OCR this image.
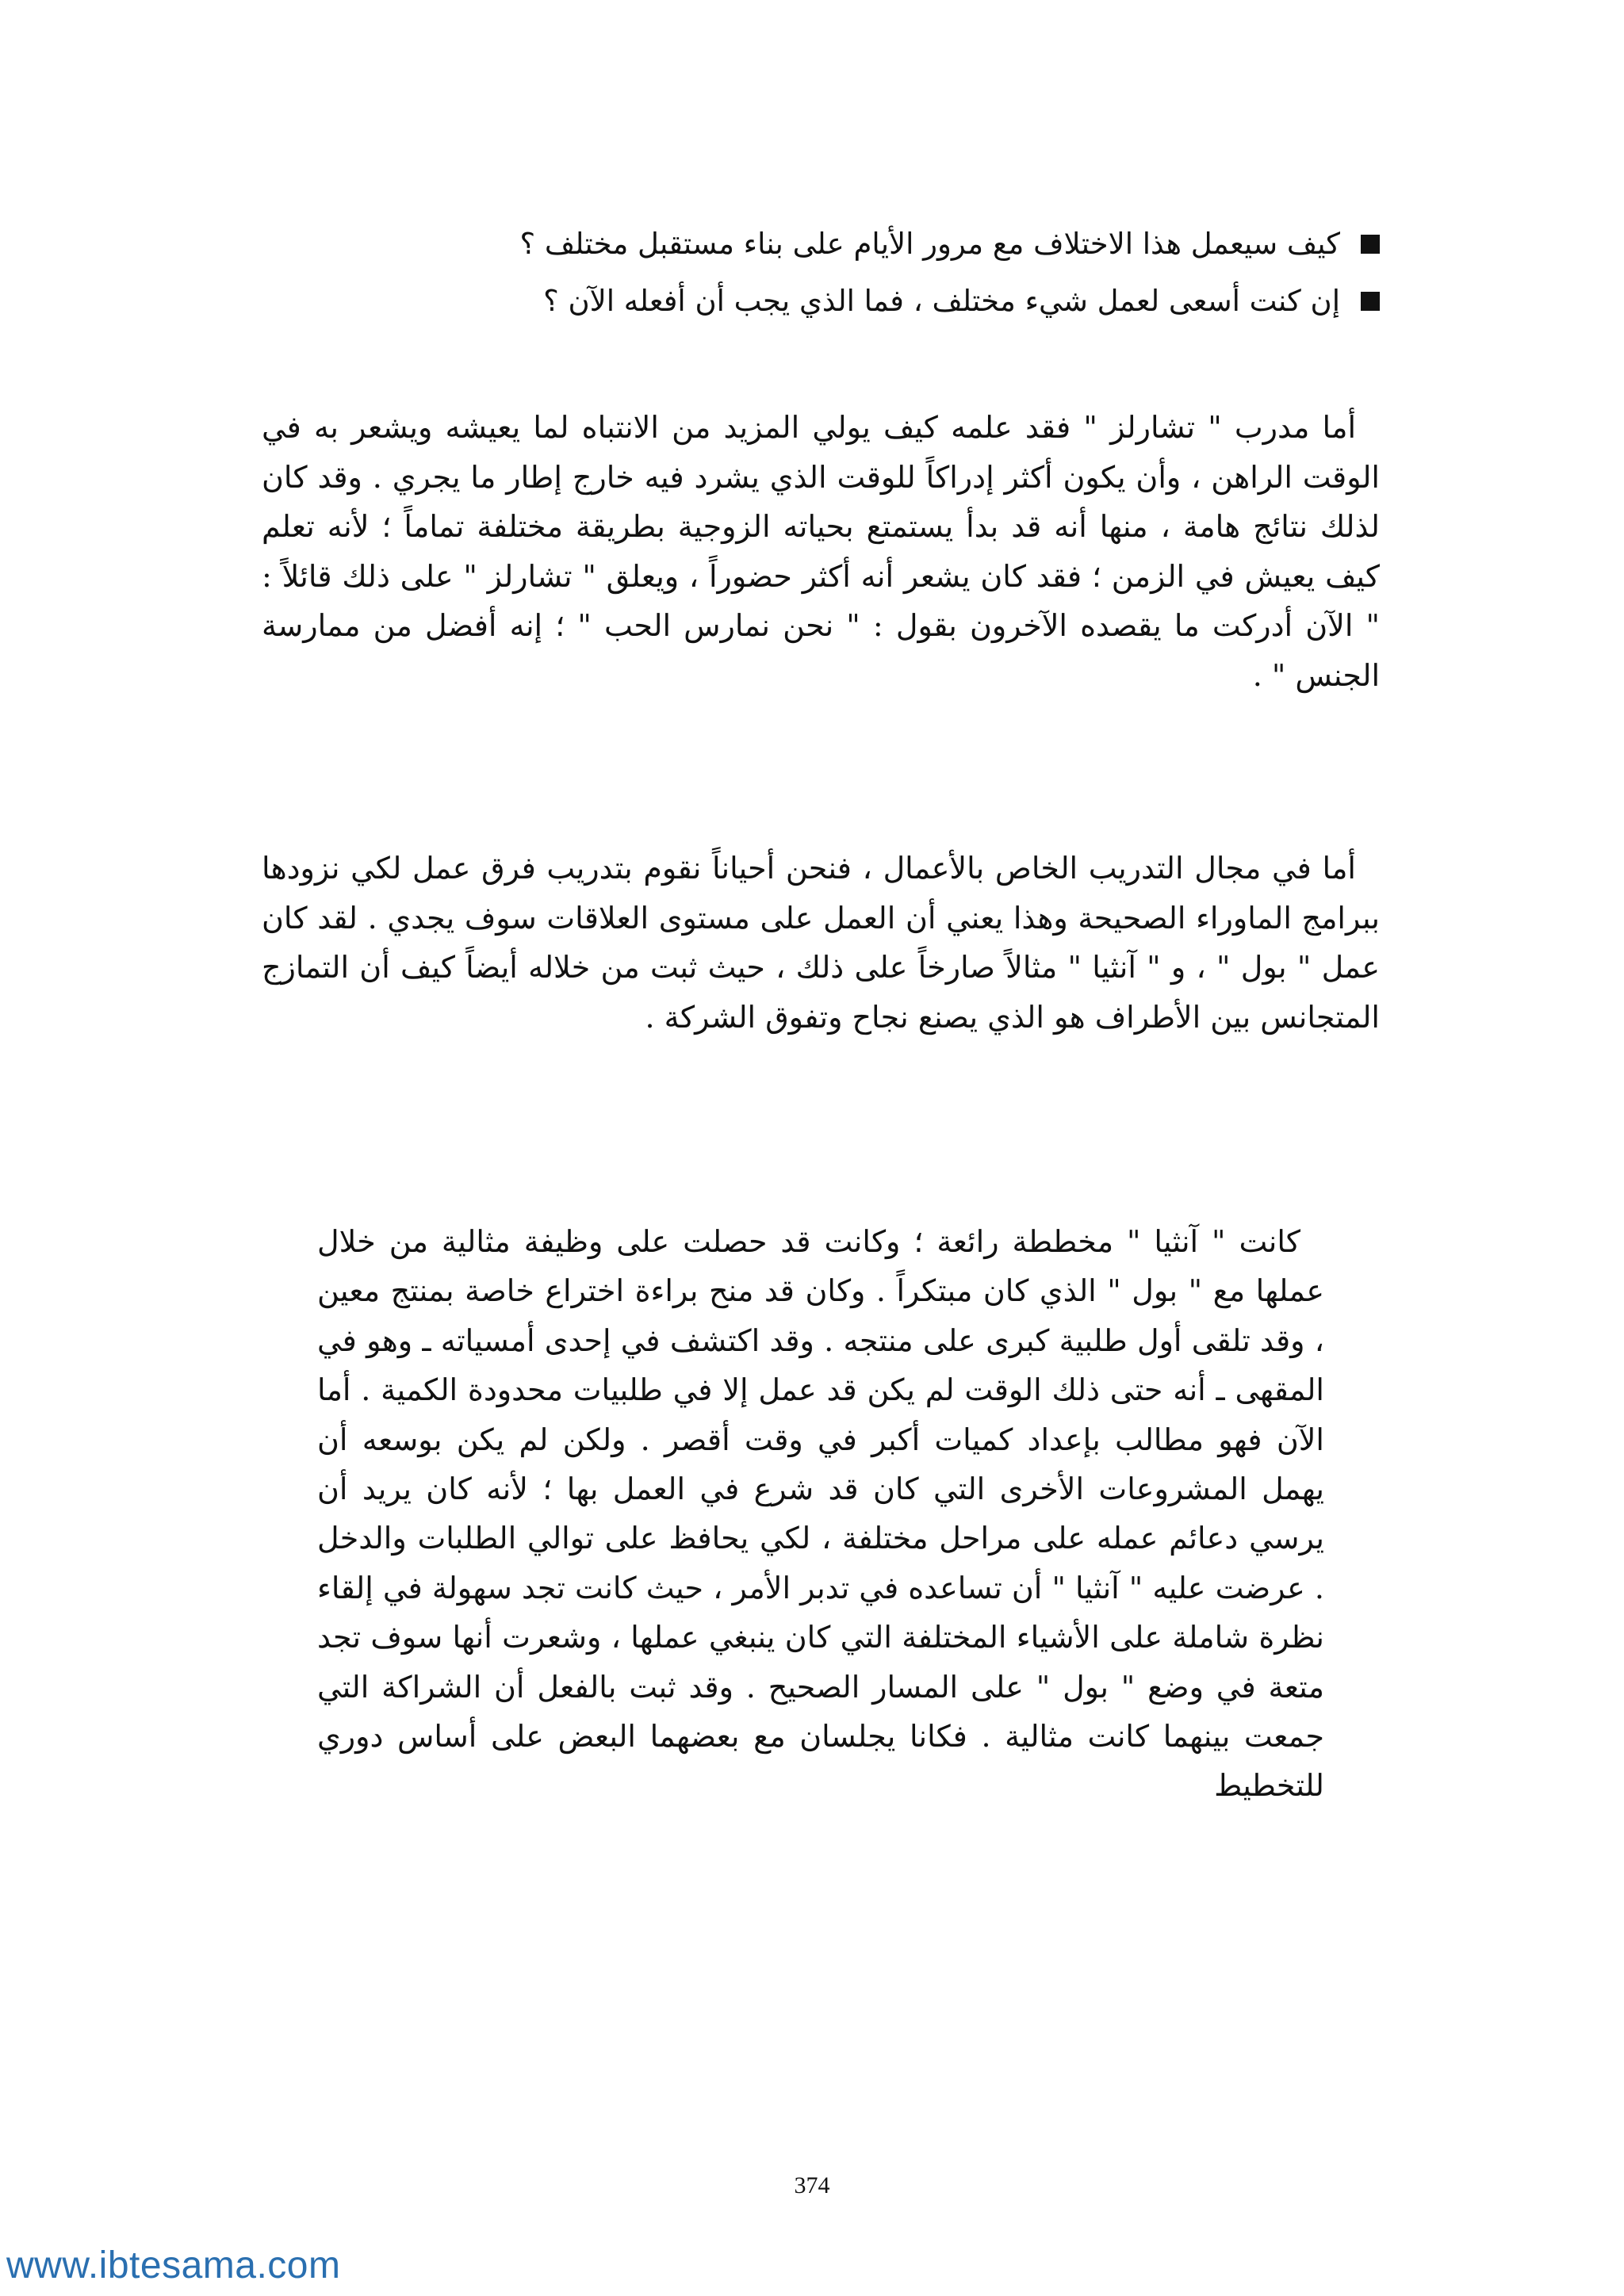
كيف سيعمل هذا الاختلاف مع مرور الأيام على بناء مستقبل مختلف ؟
إن كنت أسعى لعمل شيء مختلف ، فما الذي يجب أن أفعله الآن ؟

أما مدرب " تشارلز " فقد علمه كيف يولي المزيد من الانتباه لما يعيشه ويشعر به في الوقت الراهن ، وأن يكون أكثر إدراكاً للوقت الذي يشرد فيه خارج إطار ما يجري . وقد كان لذلك نتائج هامة ، منها أنه قد بدأ يستمتع بحياته الزوجية بطريقة مختلفة تماماً ؛ لأنه تعلم كيف يعيش في الزمن ؛ فقد كان يشعر أنه أكثر حضوراً ، ويعلق " تشارلز " على ذلك قائلاً : " الآن أدركت ما يقصده الآخرون بقول : " نحن نمارس الحب " ؛ إنه أفضل من ممارسة الجنس " .

أما في مجال التدريب الخاص بالأعمال ، فنحن أحياناً نقوم بتدريب فرق عمل لكي نزودها ببرامج الماوراء الصحيحة وهذا يعني أن العمل على مستوى العلاقات سوف يجدي . لقد كان عمل " بول " ، و " آنثيا " مثالاً صارخاً على ذلك ، حيث ثبت من خلاله أيضاً كيف أن التمازج المتجانس بين الأطراف هو الذي يصنع نجاح وتفوق الشركة .

كانت " آنثيا " مخططة رائعة ؛ وكانت قد حصلت على وظيفة مثالية من خلال عملها مع " بول " الذي كان مبتكراً . وكان قد منح براءة اختراع خاصة بمنتج معين ، وقد تلقى أول طلبية كبرى على منتجه . وقد اكتشف في إحدى أمسياته ـ وهو في المقهى ـ أنه حتى ذلك الوقت لم يكن قد عمل إلا في طلبيات محدودة الكمية . أما الآن فهو مطالب بإعداد كميات أكبر في وقت أقصر . ولكن لم يكن بوسعه أن يهمل المشروعات الأخرى التي كان قد شرع في العمل بها ؛ لأنه كان يريد أن يرسي دعائم عمله على مراحل مختلفة ، لكي يحافظ على توالي الطلبات والدخل . عرضت عليه " آنثيا " أن تساعده في تدبر الأمر ، حيث كانت تجد سهولة في إلقاء نظرة شاملة على الأشياء المختلفة التي كان ينبغي عملها ، وشعرت أنها سوف تجد متعة في وضع " بول " على المسار الصحيح . وقد ثبت بالفعل أن الشراكة التي جمعت بينهما كانت مثالية . فكانا يجلسان مع بعضهما البعض على أساس دوري للتخطيط

374
www.ibtesama.com
